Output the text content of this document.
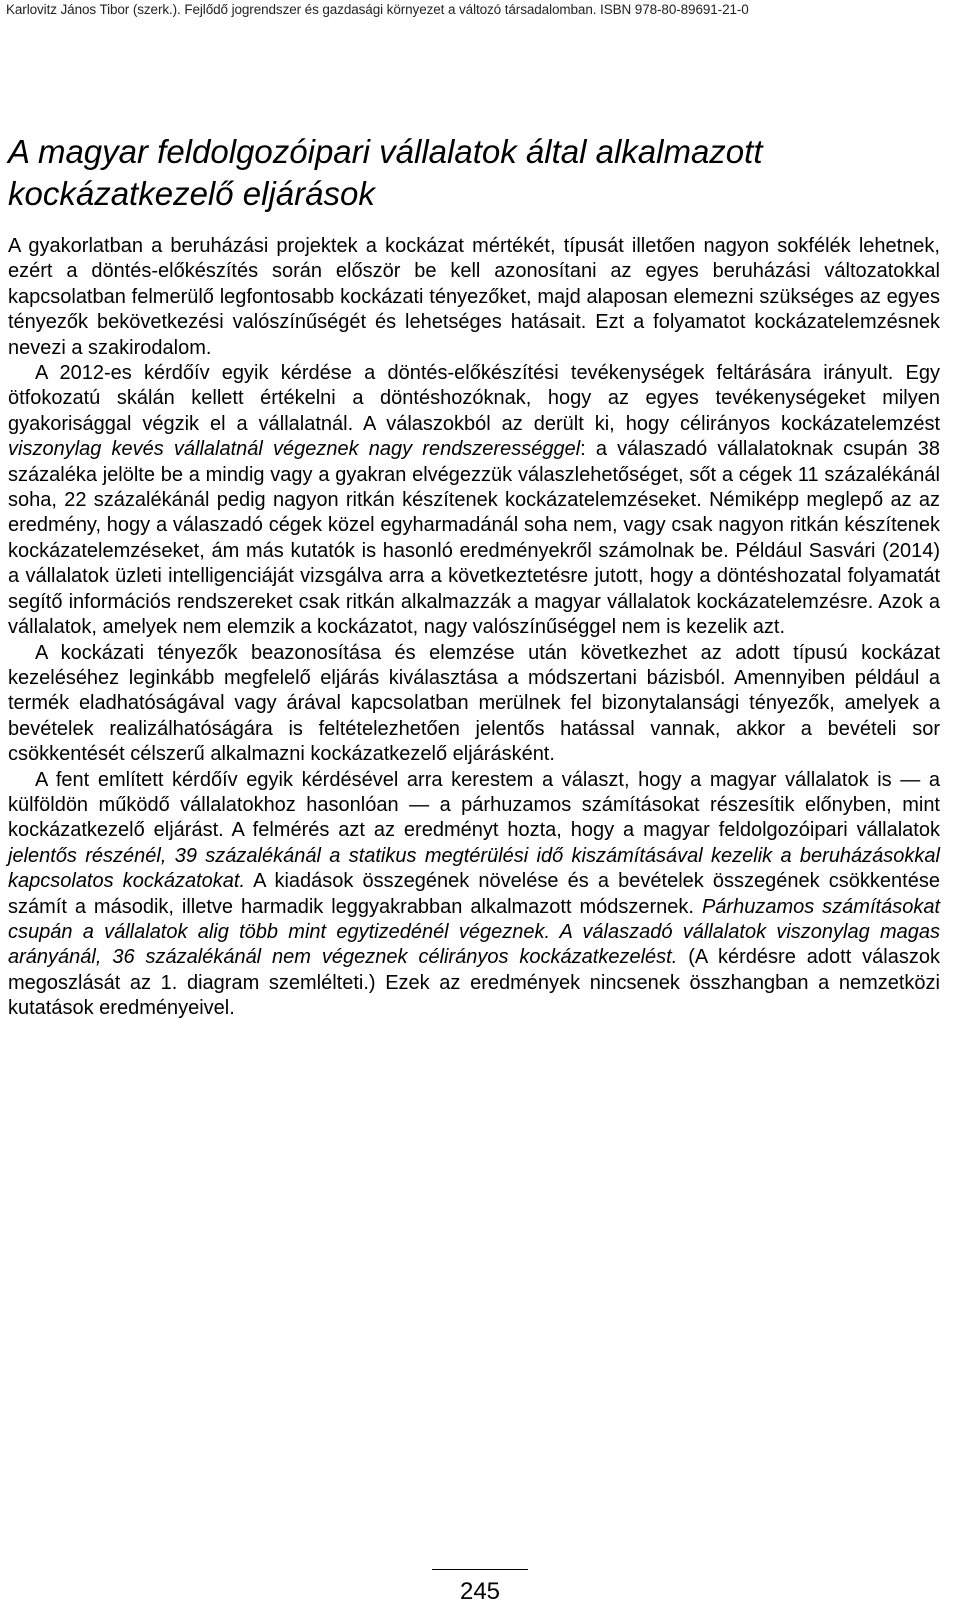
Karlovitz János Tibor (szerk.). Fejlődő jogrendszer és gazdasági környezet a változó társadalomban. ISBN 978-80-89691-21-0
A magyar feldolgozóipari vállalatok által alkalmazott
kockázatkezelő eljárások

A gyakorlatban a beruházási projektek a kockázat mértékét, típusát illetően nagyon sokfélék lehetnek, ezért a döntés-előkészítés során először be kell azonosítani az egyes beruházási változatokkal kapcsolatban felmerülő legfontosabb kockázati tényezőket, majd alaposan elemezni szükséges az egyes tényezők bekövetkezési valószínűségét és lehetséges hatásait. Ezt a folyamatot kockázatelemzésnek nevezi a szakirodalom.

A 2012-es kérdőív egyik kérdése a döntés-előkészítési tevékenységek feltárására irányult. Egy ötfokozatú skálán kellett értékelni a döntéshozóknak, hogy az egyes tevékenységeket milyen gyakorisággal végzik el a vállalatnál. A válaszokból az derült ki, hogy célirányos kockázatelemzést viszonylag kevés vállalatnál végeznek nagy rendszerességgel: a válaszadó vállalatoknak csupán 38 százaléka jelölte be a mindig vagy a gyakran elvégezzük válaszlehetőséget, sőt a cégek 11 százalékánál soha, 22 százalékánál pedig nagyon ritkán készítenek kockázatelemzéseket. Némiképp meglepő az az eredmény, hogy a válaszadó cégek közel egyharmadánál soha nem, vagy csak nagyon ritkán készítenek kockázatelemzéseket, ám más kutatók is hasonló eredményekről számolnak be. Például Sasvári (2014) a vállalatok üzleti intelligenciáját vizsgálva arra a következtetésre jutott, hogy a döntéshozatal folyamatát segítő információs rendszereket csak ritkán alkalmazzák a magyar vállalatok kockázatelemzésre. Azok a vállalatok, amelyek nem elemzik a kockázatot, nagy valószínűséggel nem is kezelik azt.

A kockázati tényezők beazonosítása és elemzése után következhet az adott típusú kockázat kezeléséhez leginkább megfelelő eljárás kiválasztása a módszertani bázisból. Amennyiben például a termék eladhatóságával vagy árával kapcsolatban merülnek fel bizonytalansági tényezők, amelyek a bevételek realizálhatóságára is feltételezhetően jelentős hatással vannak, akkor a bevételi sor csökkentését célszerű alkalmazni kockázatkezelő eljárásként.

A fent említett kérdőív egyik kérdésével arra kerestem a választ, hogy a magyar vállalatok is — a külföldön működő vállalatokhoz hasonlóan — a párhuzamos számításokat részesítik előnyben, mint kockázatkezelő eljárást. A felmérés azt az eredményt hozta, hogy a magyar feldolgozóipari vállalatok jelentős részénél, 39 százalékánál a statikus megtérülési idő kiszámításával kezelik a beruházásokkal kapcsolatos kockázatokat. A kiadások összegének növelése és a bevételek összegének csökkentése számít a második, illetve harmadik leggyakrabban alkalmazott módszernek. Párhuzamos számításokat csupán a vállalatok alig több mint egytizedénél végeznek. A válaszadó vállalatok viszonylag magas arányánál, 36 százalékánál nem végeznek célirányos kockázatkezelést. (A kérdésre adott válaszok megoszlását az 1. diagram szemlélteti.) Ezek az eredmények nincsenek összhangban a nemzetközi kutatások eredményeivel.

245
